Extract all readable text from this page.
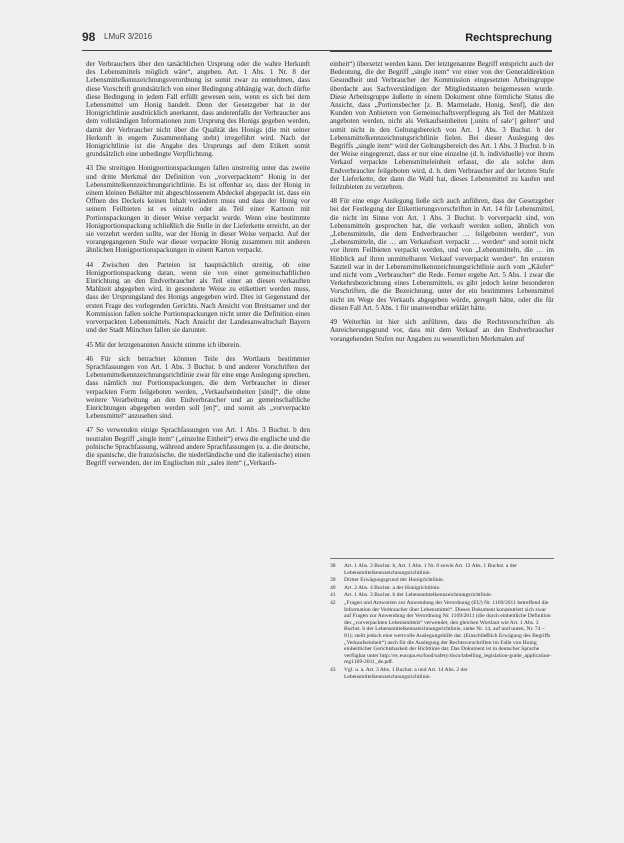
98 LMuR 3/2016	Rechtsprechung

der Verbrauchers über den tatsächlichen Ursprung oder die wahre Herkunft des Lebensmittels möglich wäre“, angeben. Art. 1 Abs. 1 Nr. 8 der Lebensmittelkennzeichnungsverordnung ist somit zwar zu entnehmen, dass diese Vorschrift grundsätzlich von einer Bedingung abhängig war, doch dürfte diese Bedingung in jedem Fall erfüllt gewesen sein, wenn es sich bei dem Lebensmittel um Honig handelt. Denn der Gesetzgeber hat in der Honigrichtlinie ausdrücklich anerkannt, dass anderenfalls der Verbraucher aus dem vollständigen Informationen zum Ursprung des Honigs gegeben werden, damit der Verbraucher nicht über die Qualität des Honigs (die mit seiner Herkunft in engem Zusammenhang steht) irregeführt wird. Nach der Honigrichtlinie ist die Angabe des Ursprungs auf dem Etikett somit grundsätzlich eine unbedingte Verpflichtung.

43 Die streitigen Honigportionspackungen fallen unstreitig unter das zweite und dritte Merkmal der Definition von „vorverpacktem“ Honig in der Lebensmittelkennzeichnungsrichtlinie. Es ist offenbar so, dass der Honig in einem kleinen Behälter mit abgeschlossenem Abdeckel abgepackt ist, dass ein Öffnen des Deckels keinen Inhalt verändern muss und dass der Honig vor seinem Feilbieten ist es einzeln oder als Teil einer Kartoon mit Portionspackungen in dieser Weise verpackt wurde. Wenn eine bestimmte Honigportionspackung schließlich die Stelle in der Lieferkette erreicht, an der sie verzehrt werden sollte, war der Honig in dieser Weise verpackt. Auf der vorangegangenen Stufe war dieser verpackte Honig zusammen mit anderen ähnlichen Honigportionspackungen in einem Karton verpackt.

44 Zwischen den Parteien ist hauptsächlich streitig, ob eine Honigportionspackung daran, wenn sie von einer gemeinschaftlichen Einrichtung an den Endverbraucher als Teil einer an diesen verkauften Mahlzeit abgegeben wird, in gesonderte Weise zu etikettiert werden muss, dass der Ursprungsland des Honigs angegeben wird. Dies ist Gegenstand der ersten Frage des vorlegenden Gerichts. Nach Ansicht von Breitsamer und der Kommission fallen solche Portionspackungen nicht unter die Definition eines vorverpackten Lebensmittels. Nach Ansicht der Landesanwaltschaft Bayern und der Stadt München fallen sie darunter.

45 Mir der letztgenannten Ansicht stimme ich überein.

46 Für sich betrachtet könnten Teile des Wortlauts bestimmter Sprachfassungen von Art. 1 Abs. 3 Buchst. b und anderer Vorschriften der Lebensmittelkennzeichnungsrichtlinie zwar für eine enge Auslegung sprechen, dass nämlich nur Portionspackungen, die dem Verbraucher in dieser verpackten Form feilgeboten werden, „Verkaufseinheiten [sind]“, die ohne weitere Verarbeitung an den Endverbraucher und an gemeinschaftliche Einrichtungen abgegeben werden soll [en]“, und somit als „vorverpackte Lebensmittel“ anzusehen sind.

47 So verwenden einige Sprachfassungen von Art. 1 Abs. 3 Buchst. b den neutralen Begriff „single item“ („einzelne Einheit“) etwa die englische und die polnische Sprachfassung, während andere Sprachfassungen (u. a. die deutsche, die spanische, die französische, die niederländische und die italienische) einen Begriff verwenden, der im Englischen mit „sales item“ („Verkaufs-

einheit“) übersetzt werden kann. Der letztgenannte Begriff entspricht auch der Bedeutung, die der Begriff „single item“ vor einer von der Generaldirektion Gesundheit und Verbraucher der Kommission eingesetzten Arbeitsgruppe überdacht aus Sachverständigen der Mitgliedstaaten beigemessen wurde. Diese Arbeitsgruppe äußerte in einem Dokument ohne förmliche Status die Ansicht, dass „Portionsbecher [z. B. Marmelade, Honig, Senf], die den Kunden von Anbietern von Gemeinschaftsverpflegung als Teil der Mahlzeit angeboten werden, nicht als Verkaufseinheiten [,units of sale‘] gelten“ und somit nicht in den Geltungsbereich von Art. 1 Abs. 3 Buchst. b der Lebensmittelkennzeichnungsrichtlinie fielen. Bei dieser Auslegung des Begriffs „single item“ wird der Geltungsbereich des Art. 1 Abs. 3 Buchst. b in der Weise eingegrenzt, dass er nur eine einzelne (d. h. individuelle) vor ihrem Verkauf verpackte Lebensmitteleinheit erfasst, die als solche dem Endverbraucher feilgeboten wird, d. h. dem Verbraucher auf der letzten Stufe der Lieferkette, der dann die Wahl hat, dieses Lebensmittel zu kaufen und feilzubieten zu verzehren.

48 Für eine enge Auslegung ließe sich auch anführen, dass der Gesetzgeber bei der Festlegung der Etikettierungsvorschriften in Art. 14 für Lebensmittel, die nicht im Sinne von Art. 1 Abs. 3 Buchst. b vorverpackt sind, von Lebensmitteln gesprochen hat, die verkauft werden sollen, ähnlich von „Lebensmitteln, die dem Endverbraucher … feilgeboten werden“, von „Lebensmitteln, die … am Verkaufsort verpackt … werden“ und somit nicht vor ihrem Feilbieten verpackt werden, und von „Lebensmitteln, die … im Hinblick auf ihren unmittelbaren Verkauf vorverpackt werden“. Im ersteren Satzteil war in der Lebensmittelkennzeichnungsrichtlinie auch vom „Käufer“ und nicht vom „Verbraucher“ die Rede. Ferner ergebe Art. 5 Abs. 1 zwar die Verkehrsbezeichnung eines Lebensmittels, es gibt jedoch keine besonderen Vorschriften, die die Bezeichnung, unter der ein bestimmtes Lebensmittel nicht im Wege des Verkaufs abgegeben würde, geregelt hätte, oder die für diesen Fall Art. 5 Abs. 1 für unanwendbar erklärt hätte.

49 Weiterhin ist hier sich anführen, dass die Rechtsvorschriften als Anreicherungsgrund vor, dass mit dem Verkauf an den Endverbraucher vorangehenden Stufen nur Angaben zu wesentlichen Merkmalen auf

38	Art. 1 Abs. 3 Buchst. b, Art. 1 Abs. 1 Nr. 8 sowie Art. 12 Abs. 1 Buchst. a der Lebensmittelkennzeichnungsrichtlinie.
39	Dritter Erwägungsgrund der Honigrichtlinie.
40	Art. 2 Abs. 4 Buchst. a der Honigrichtlinie.
41	Art. 1 Abs. 3 Buchst. b der Lebensmittelkennzeichnungsrichtlinie.
42	„Fragen und Antworten zur Anwendung der Verordnung (EU) Nr. 1169/2011 betreffend die Information der Verbraucher über Lebensmittel“. Dieses Dokument konzentriert sich zwar auf Fragen zur Anwendung der Verordnung Nr. 1169/2011 (die durch einheitliche Definition des „vorverpackten Lebensmittels“ verwendet, den gleichen Wortlaut wie Art. 1 Abs. 3 Buchst. b der Lebensmittelkennzeichnungsrichtlinie, siehe Nr. 14, auf und unten, Nr. 74 – 81); stellt jedoch eine wertvolle Auslegungshilfe dar. (Einschließlich Erwägung des Begriffs „Verkaufseinheit“) auch für die Auslegung der Rechtsvorschriften im Falle von Honig einheitlicher Gerichtsbarkeit der Richtlinie dar. Das Dokument ist in deutscher Sprache verfügbar unter http://ec.europa.eu/food/safety/docs/labelling_legislation-guide_application-reg1169-2011_de.pdf.
43	Vgl. u. a. Art. 3 Abs. 1 Buchst. a und Art. 14 Abs. 2 der Lebensmittelkennzeichnungsrichtlinie.
